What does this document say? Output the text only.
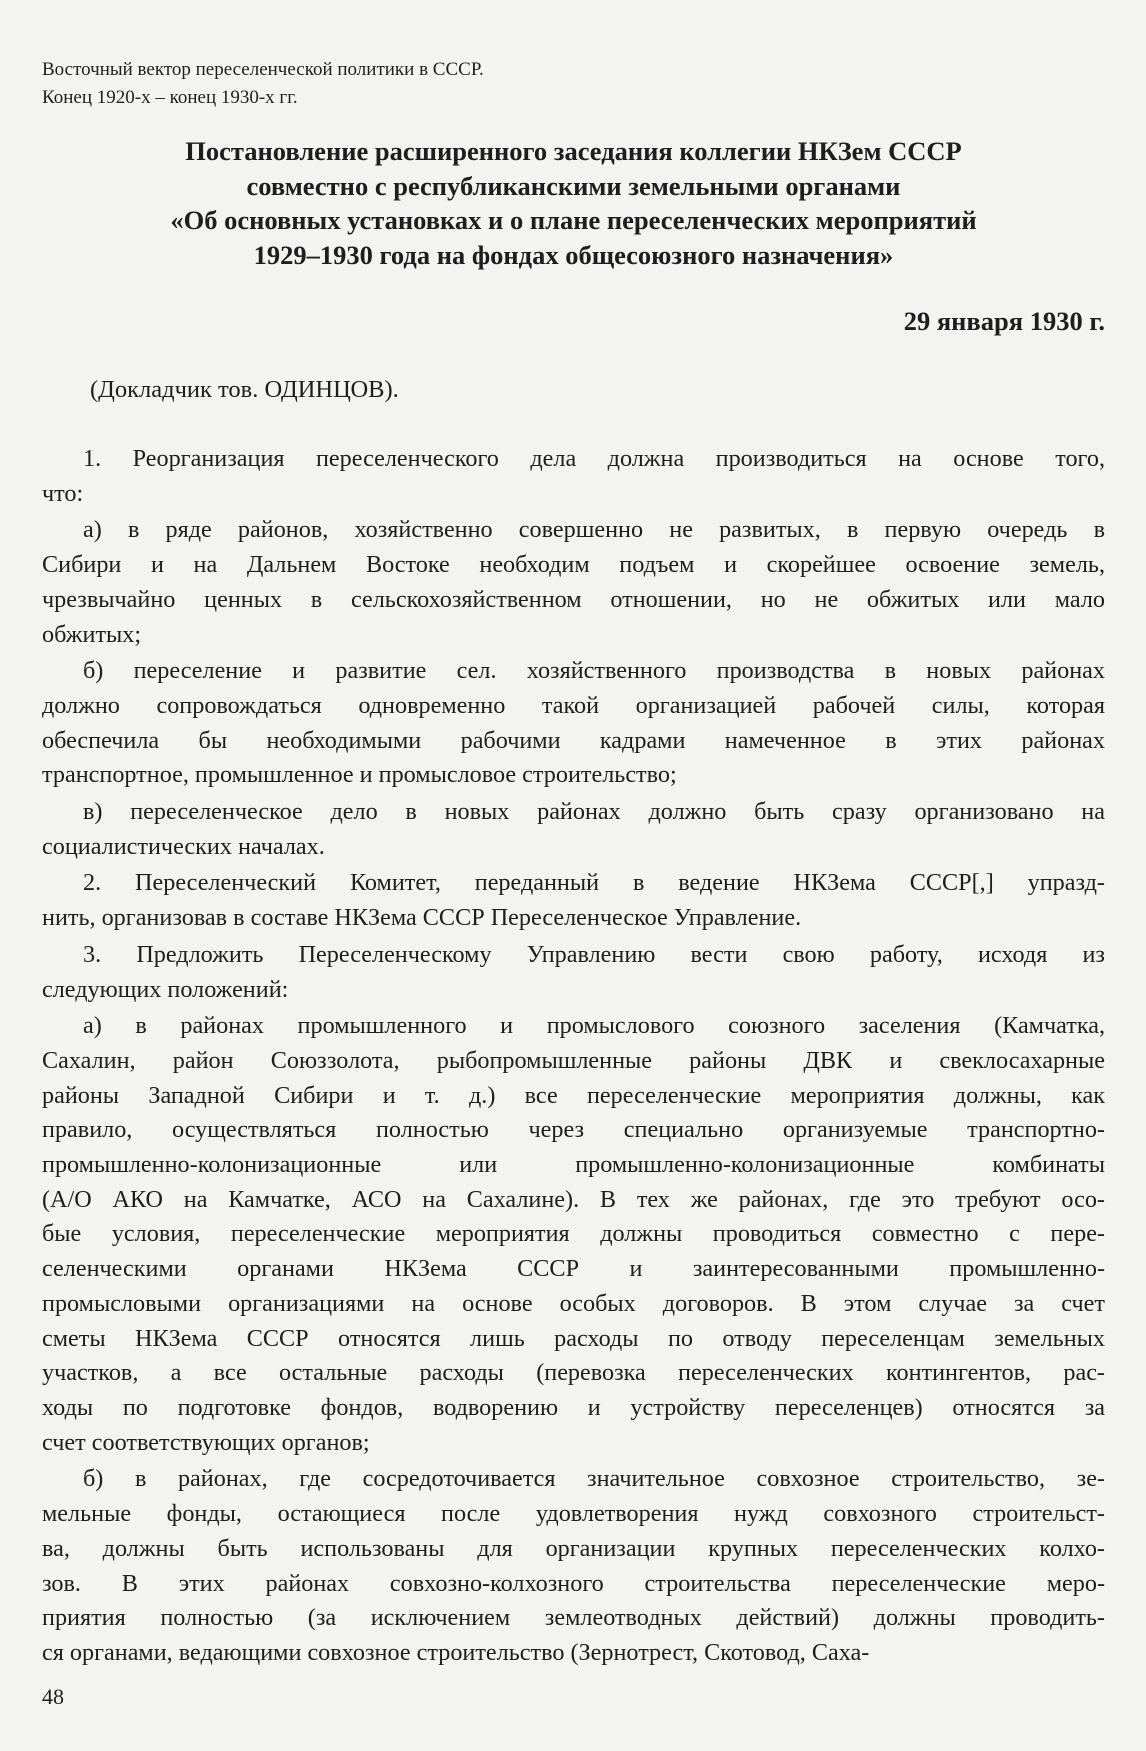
Восточный вектор переселенческой политики в СССР.
Конец 1920-х – конец 1930-х гг.
Постановление расширенного заседания коллегии НКЗем СССР
совместно с республиканскими земельными органами
«Об основных установках и о плане переселенческих мероприятий
1929–1930 года на фондах общесоюзного назначения»
29 января 1930 г.
(Докладчик тов. ОДИНЦОВ).
1. Реорганизация переселенческого дела должна производиться на основе того,
что:
а) в ряде районов, хозяйственно совершенно не развитых, в первую очередь в
Сибири и на Дальнем Востоке необходим подъем и скорейшее освоение земель,
чрезвычайно ценных в сельскохозяйственном отношении, но не обжитых или мало
обжитых;
б) переселение и развитие сел. хозяйственного производства в новых районах
должно сопровождаться одновременно такой организацией рабочей силы, которая
обеспечила бы необходимыми рабочими кадрами намеченное в этих районах
транспортное, промышленное и промысловое строительство;
в) переселенческое дело в новых районах должно быть сразу организовано на
социалистических началах.
2. Переселенческий Комитет, переданный в ведение НКЗема СССР[,] упразд-
нить, организовав в составе НКЗема СССР Переселенческое Управление.
3. Предложить Переселенческому Управлению вести свою работу, исходя из
следующих положений:
а) в районах промышленного и промыслового союзного заселения (Камчатка,
Сахалин, район Союззолота, рыбопромышленные районы ДВК и свеклосахарные
районы Западной Сибири и т. д.) все переселенческие мероприятия должны, как
правило, осуществляться полностью через специально организуемые транспортно-
промышленно-колонизационные или промышленно-колонизационные комбинаты
(А/О АКО на Камчатке, АСО на Сахалине). В тех же районах, где это требуют осо-
бые условия, переселенческие мероприятия должны проводиться совместно с пере-
селенческими органами НКЗема СССР и заинтересованными промышленно-
промысловыми организациями на основе особых договоров. В этом случае за счет
сметы НКЗема СССР относятся лишь расходы по отводу переселенцам земельных
участков, а все остальные расходы (перевозка переселенческих контингентов, рас-
ходы по подготовке фондов, водворению и устройству переселенцев) относятся за
счет соответствующих органов;
б) в районах, где сосредоточивается значительное совхозное строительство, зе-
мельные фонды, остающиеся после удовлетворения нужд совхозного строительст-
ва, должны быть использованы для организации крупных переселенческих колхо-
зов. В этих районах совхозно-колхозного строительства переселенческие меро-
приятия полностью (за исключением землеотводных действий) должны проводить-
ся органами, ведающими совхозное строительство (Зернотрест, Скотовод, Саха-
48
